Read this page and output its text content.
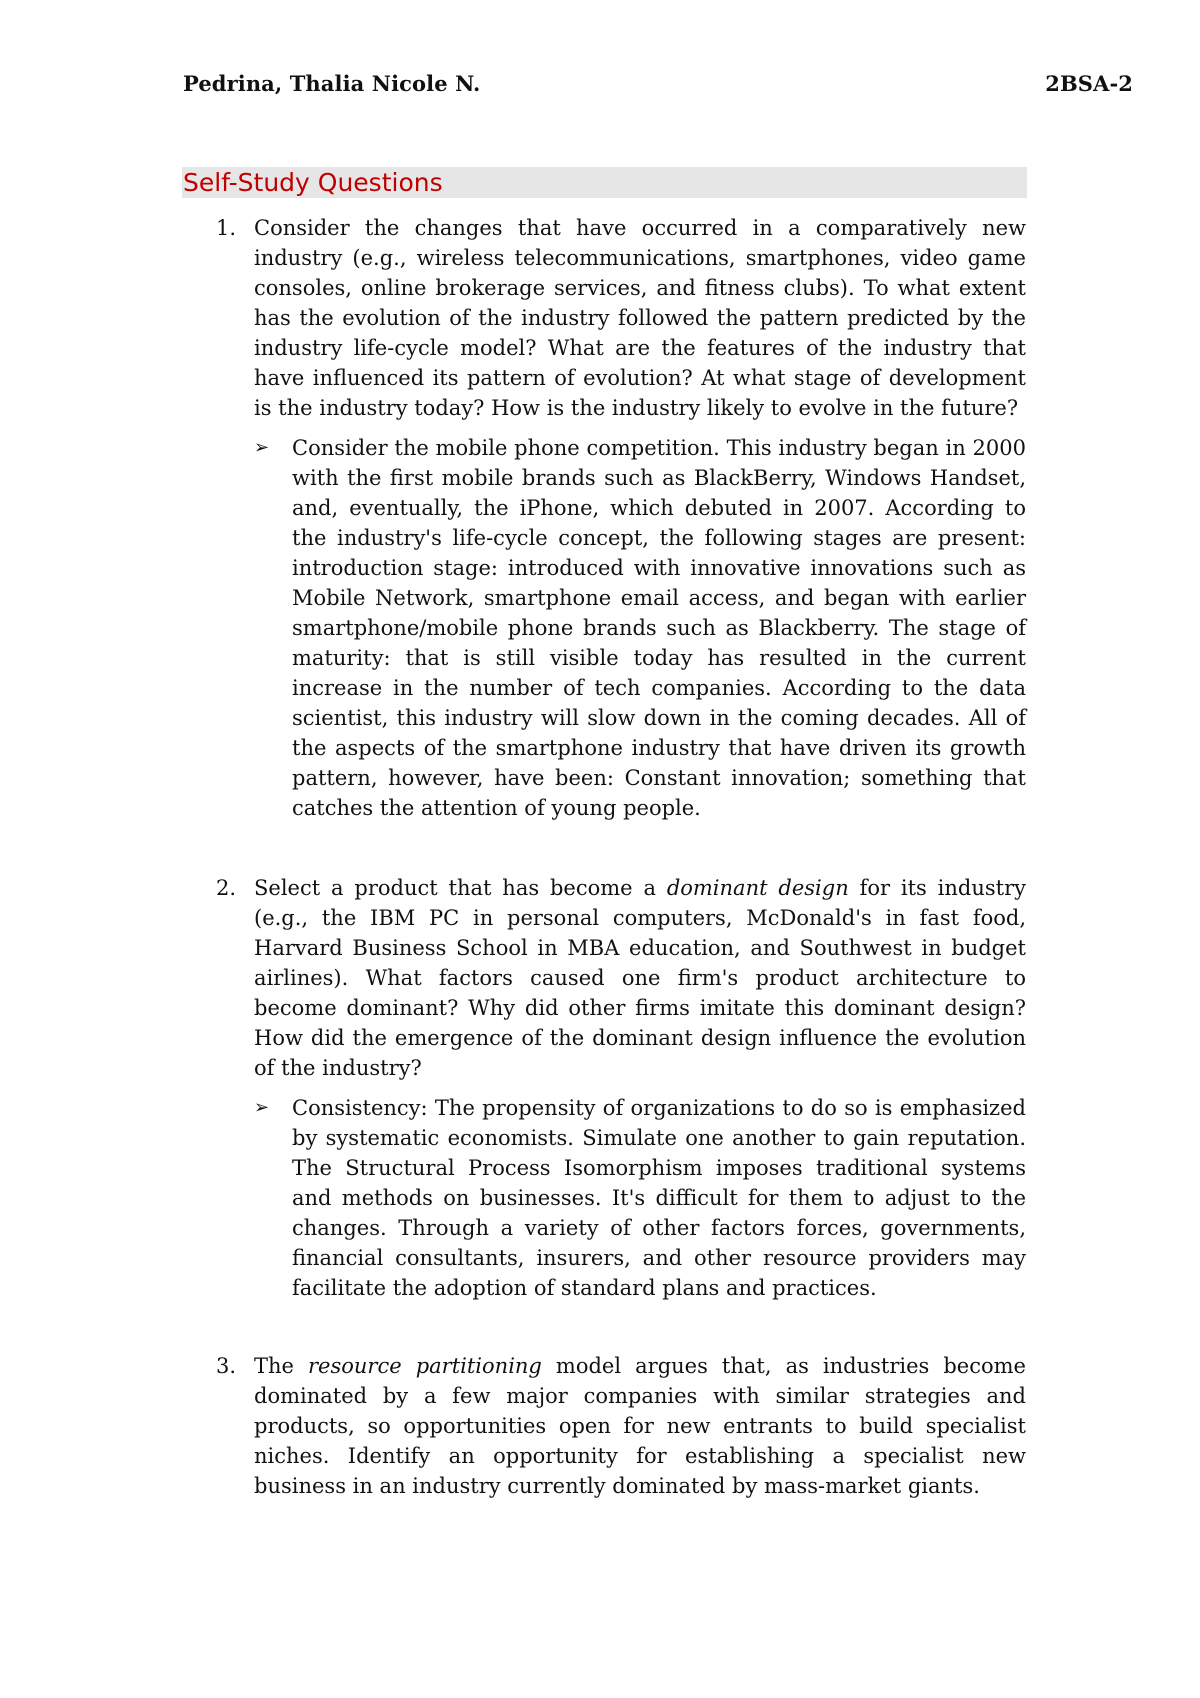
Pedrina, Thalia Nicole N.	2BSA-2
Self-Study Questions
1. Consider the changes that have occurred in a comparatively new industry (e.g., wireless telecommunications, smartphones, video game consoles, online brokerage services, and fitness clubs). To what extent has the evolution of the industry followed the pattern predicted by the industry life-cycle model? What are the features of the industry that have influenced its pattern of evolution? At what stage of development is the industry today? How is the industry likely to evolve in the future?
➢	Consider the mobile phone competition. This industry began in 2000 with the first mobile brands such as BlackBerry, Windows Handset, and, eventually, the iPhone, which debuted in 2007. According to the industry's life-cycle concept, the following stages are present: introduction stage: introduced with innovative innovations such as Mobile Network, smartphone email access, and began with earlier smartphone/mobile phone brands such as Blackberry. The stage of maturity: that is still visible today has resulted in the current increase in the number of tech companies. According to the data scientist, this industry will slow down in the coming decades. All of the aspects of the smartphone industry that have driven its growth pattern, however, have been: Constant innovation; something that catches the attention of young people.
2. Select a product that has become a dominant design for its industry (e.g., the IBM PC in personal computers, McDonald's in fast food, Harvard Business School in MBA education, and Southwest in budget airlines). What factors caused one firm's product architecture to become dominant? Why did other firms imitate this dominant design? How did the emergence of the dominant design influence the evolution of the industry?
➢	Consistency: The propensity of organizations to do so is emphasized by systematic economists. Simulate one another to gain reputation. The Structural Process Isomorphism imposes traditional systems and methods on businesses. It's difficult for them to adjust to the changes. Through a variety of other factors forces, governments, financial consultants, insurers, and other resource providers may facilitate the adoption of standard plans and practices.
3. The resource partitioning model argues that, as industries become dominated by a few major companies with similar strategies and products, so opportunities open for new entrants to build specialist niches. Identify an opportunity for establishing a specialist new business in an industry currently dominated by mass-market giants.
